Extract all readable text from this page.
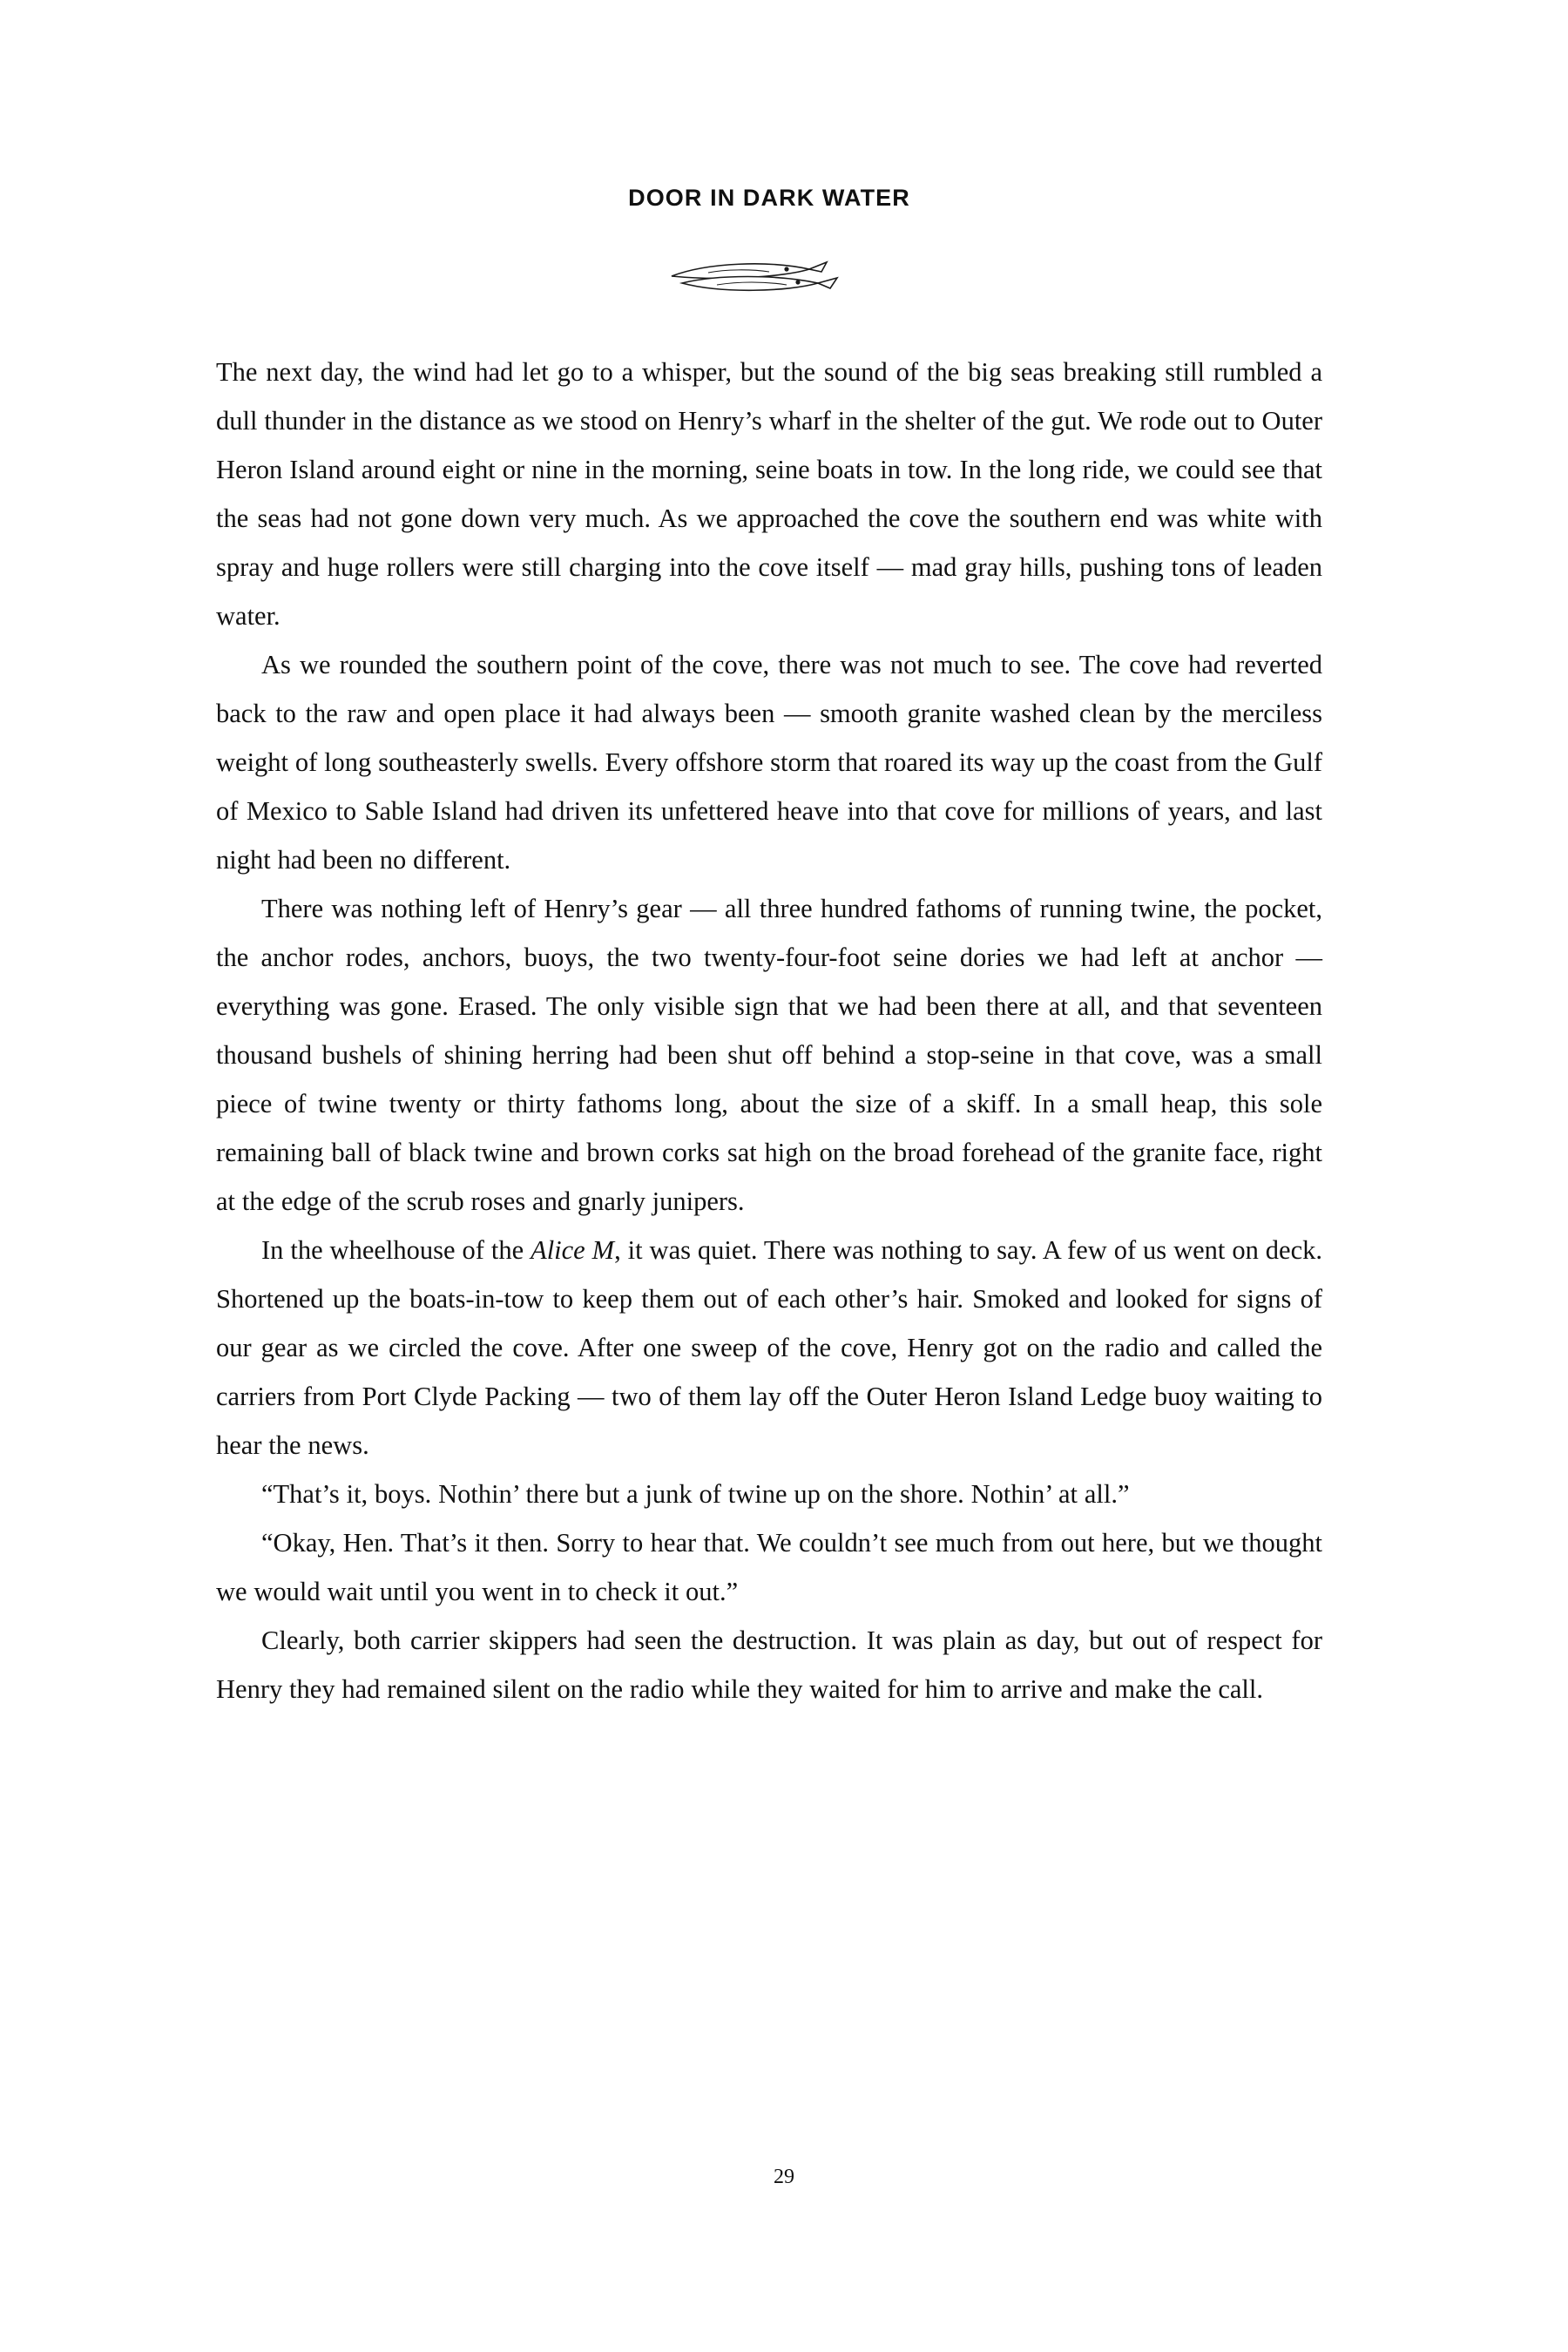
DOOR IN DARK WATER

The next day, the wind had let go to a whisper, but the sound of the big seas breaking still rumbled a dull thunder in the distance as we stood on Henry’s wharf in the shelter of the gut. We rode out to Outer Heron Island around eight or nine in the morning, seine boats in tow. In the long ride, we could see that the seas had not gone down very much. As we approached the cove the southern end was white with spray and huge rollers were still charging into the cove itself — mad gray hills, pushing tons of leaden water.

As we rounded the southern point of the cove, there was not much to see. The cove had reverted back to the raw and open place it had always been — smooth granite washed clean by the merciless weight of long southeasterly swells. Every offshore storm that roared its way up the coast from the Gulf of Mexico to Sable Island had driven its unfettered heave into that cove for millions of years, and last night had been no different.

There was nothing left of Henry’s gear — all three hundred fathoms of running twine, the pocket, the anchor rodes, anchors, buoys, the two twenty-four-foot seine dories we had left at anchor — everything was gone. Erased. The only visible sign that we had been there at all, and that seventeen thousand bushels of shining herring had been shut off behind a stop-seine in that cove, was a small piece of twine twenty or thirty fathoms long, about the size of a skiff. In a small heap, this sole remaining ball of black twine and brown corks sat high on the broad forehead of the granite face, right at the edge of the scrub roses and gnarly junipers.

In the wheelhouse of the Alice M, it was quiet. There was nothing to say. A few of us went on deck. Shortened up the boats-in-tow to keep them out of each other’s hair. Smoked and looked for signs of our gear as we circled the cove. After one sweep of the cove, Henry got on the radio and called the carriers from Port Clyde Packing — two of them lay off the Outer Heron Island Ledge buoy waiting to hear the news.

“That’s it, boys. Nothin’ there but a junk of twine up on the shore. Nothin’ at all.”

“Okay, Hen. That’s it then. Sorry to hear that. We couldn’t see much from out here, but we thought we would wait until you went in to check it out.”

Clearly, both carrier skippers had seen the destruction. It was plain as day, but out of respect for Henry they had remained silent on the radio while they waited for him to arrive and make the call.

29
